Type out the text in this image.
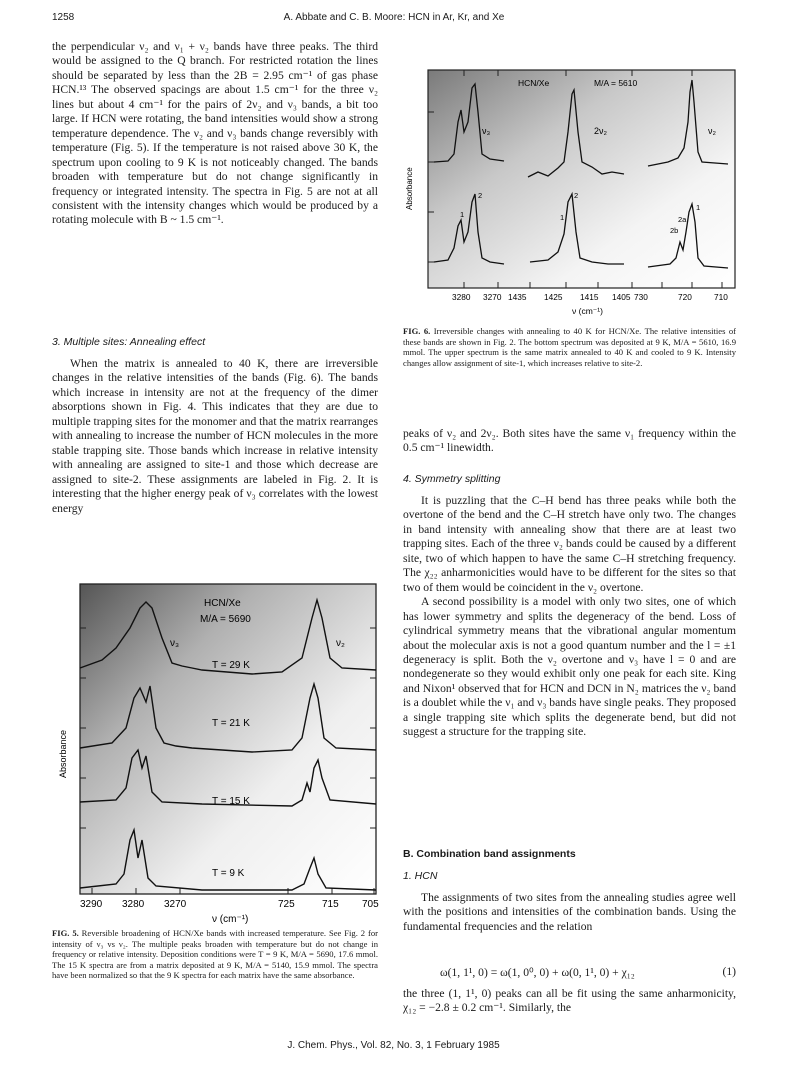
1258	A. Abbate and C. B. Moore: HCN in Ar, Kr, and Xe

the perpendicular ν₂ and ν₁ + ν₂ bands have three peaks. The third would be assigned to the Q branch. For restricted rotation the lines should be separated by less than the 2B = 2.95 cm⁻¹ of gas phase HCN.¹³ The observed spacings are about 1.5 cm⁻¹ for the three ν₂ lines but about 4 cm⁻¹ for the pairs of 2ν₂ and ν₃ bands, a bit too large. If HCN were rotating, the band intensities would show a strong temperature dependence. The ν₂ and ν₃ bands change reversibly with temperature (Fig. 5). If the temperature is not raised above 30 K, the spectrum upon cooling to 9 K is not noticeably changed. The bands broaden with temperature but do not change significantly in frequency or integrated intensity. The spectra in Fig. 5 are not at all consistent with the intensity changes which would be produced by a rotating molecule with B ~ 1.5 cm⁻¹.

3. Multiple sites: Annealing effect

When the matrix is annealed to 40 K, there are irreversible changes in the relative intensities of the bands (Fig. 6). The bands which increase in intensity are not at the frequency of the dimer absorptions shown in Fig. 4. This indicates that they are due to multiple trapping sites for the monomer and that the matrix rearranges with annealing to increase the number of HCN molecules in the more stable trapping site. Those bands which increase in relative intensity with annealing are assigned to site-1 and those which decrease are assigned to site-2. These assignments are labeled in Fig. 2. It is interesting that the higher energy peak of ν₃ correlates with the lowest energy

HCN/Xe	M/A = 5610
ν₃	2ν₂	ν₂
1
2	2
1	2a
2b
1
Absorbance
3280 3270 1435 1425 1415 1405 730	720	710
ν (cm⁻¹)
FIG. 6. Irreversible changes with annealing to 40 K for HCN/Xe. The relative intensities of these bands are shown in Fig. 2. The bottom spectrum was deposited at 9 K, M/A = 5610, 16.9 mmol. The upper spectrum is the same matrix annealed to 40 K and cooled to 9 K. Intensity changes allow assignment of site-1, which increases relative to site-2.

peaks of ν₂ and 2ν₂. Both sites have the same ν₁ frequency within the 0.5 cm⁻¹ linewidth.

4. Symmetry splitting

It is puzzling that the C–H bend has three peaks while both the overtone of the bend and the C–H stretch have only two. The changes in band intensity with annealing show that there are at least two trapping sites. Each of the three ν₂ bands could be caused by a different site, two of which happen to have the same C–H stretching frequency. The χ₂₂ anharmonicities would have to be different for the sites so that two of them would be coincident in the ν₂ overtone.

A second possibility is a model with only two sites, one of which has lower symmetry and splits the degeneracy of the bend. Loss of cylindrical symmetry means that the vibrational angular momentum about the molecular axis is not a good quantum number and the l = ±1 degeneracy is split. Both the ν₂ overtone and ν₃ have l = 0 and are nondegenerate so they would exhibit only one peak for each site. King and Nixon¹ observed that for HCN and DCN in N₂ matrices the ν₂ band is a doublet while the ν₁ and ν₃ bands have single peaks. They proposed a single trapping site which splits the degenerate bend, but did not suggest a structure for the trapping site.

B. Combination band assignments
1. HCN

The assignments of two sites from the annealing studies agree well with the positions and intensities of the combination bands. Using the fundamental frequencies and the relation

ω(1, 1¹, 0) = ω(1, 0⁰, 0) + ω(0, 1¹, 0) + χ₁₂	(1)

the three (1, 1¹, 0) peaks can all be fit using the same anharmonicity, χ₁₂ = −2.8 ± 0.2 cm⁻¹. Similarly, the

HCN/Xe
M/A = 5690
ν₃	ν₂
T = 29 K
T = 21 K
T = 15 K
T = 9 K
Absorbance
3290 3280 3270	725	715 705
ν (cm⁻¹)
FIG. 5. Reversible broadening of HCN/Xe bands with increased temperature. See Fig. 2 for intensity of ν₃ vs ν₂. The multiple peaks broaden with temperature but do not change in frequency or relative intensity. Deposition conditions were T = 9 K, M/A = 5690, 17.6 mmol. The 15 K spectra are from a matrix deposited at 9 K, M/A = 5140, 15.9 mmol. The spectra have been normalized so that the 9 K spectra for each matrix have the same absorbance.
J. Chem. Phys., Vol. 82, No. 3, 1 February 1985
